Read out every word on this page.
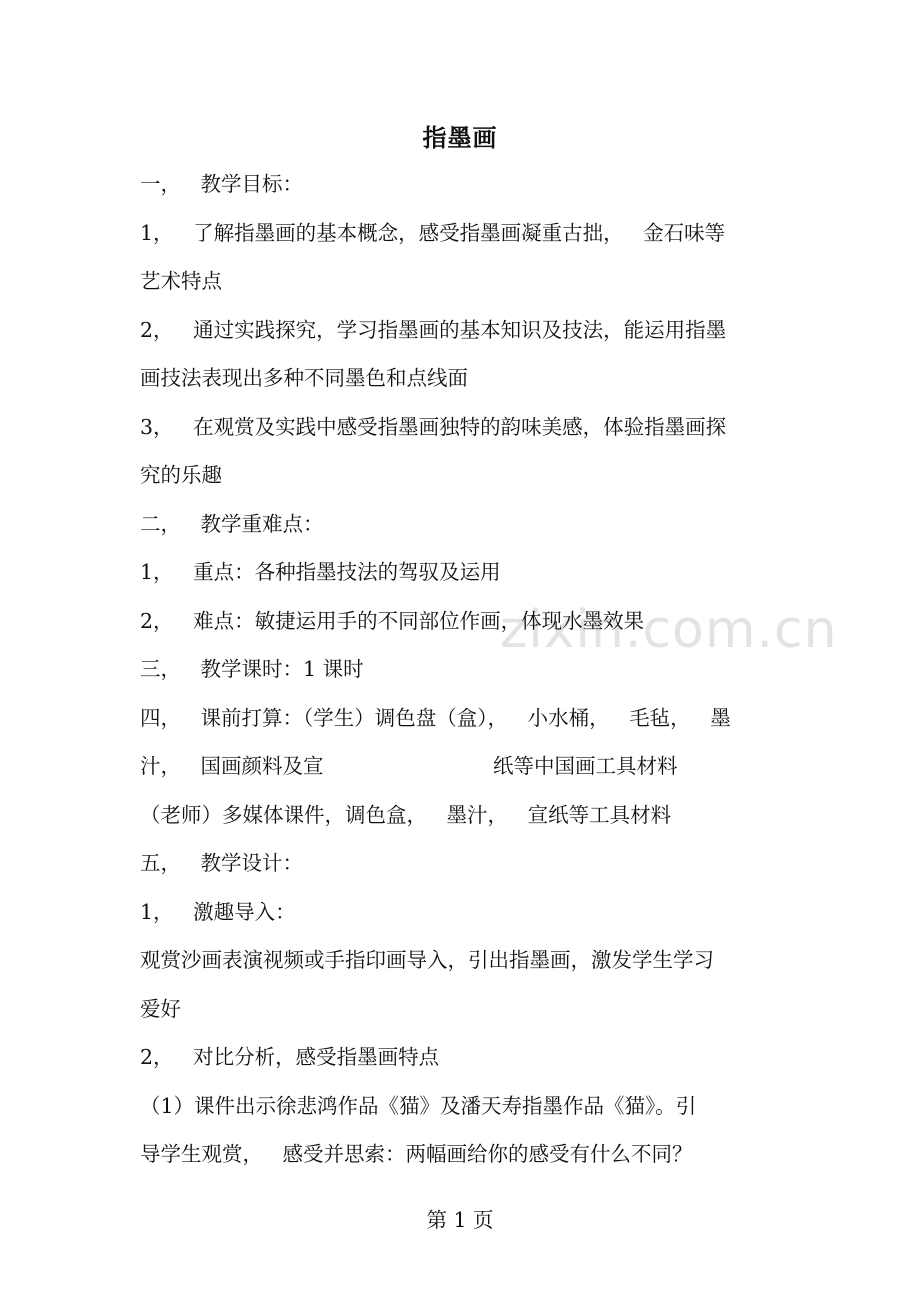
zixin.com.cn
指墨画
一，   教学目标：
1，   了解指墨画的基本概念，感受指墨画凝重古拙，   金石味等
艺术特点
2，   通过实践探究，学习指墨画的基本知识及技法，能运用指墨
画技法表现出多种不同墨色和点线面
3，   在观赏及实践中感受指墨画独特的韵味美感，体验指墨画探
究的乐趣
二，   教学重难点：
1，   重点：各种指墨技法的驾驭及运用
2，   难点：敏捷运用手的不同部位作画，体现水墨效果
三，   教学课时：1 课时
四，   课前打算：（学生）调色盘（盒），   小水桶，   毛毡，   墨
汁，   国画颜料及宣                          纸等中国画工具材料
（老师）多媒体课件，调色盒，   墨汁，   宣纸等工具材料
五，   教学设计：
1，   激趣导入：
观赏沙画表演视频或手指印画导入，引出指墨画，激发学生学习
爱好
2，   对比分析，感受指墨画特点
（1）课件出示徐悲鸿作品《猫》及潘天寿指墨作品《猫》。引
导学生观赏，   感受并思索：两幅画给你的感受有什么不同？
第 1 页
